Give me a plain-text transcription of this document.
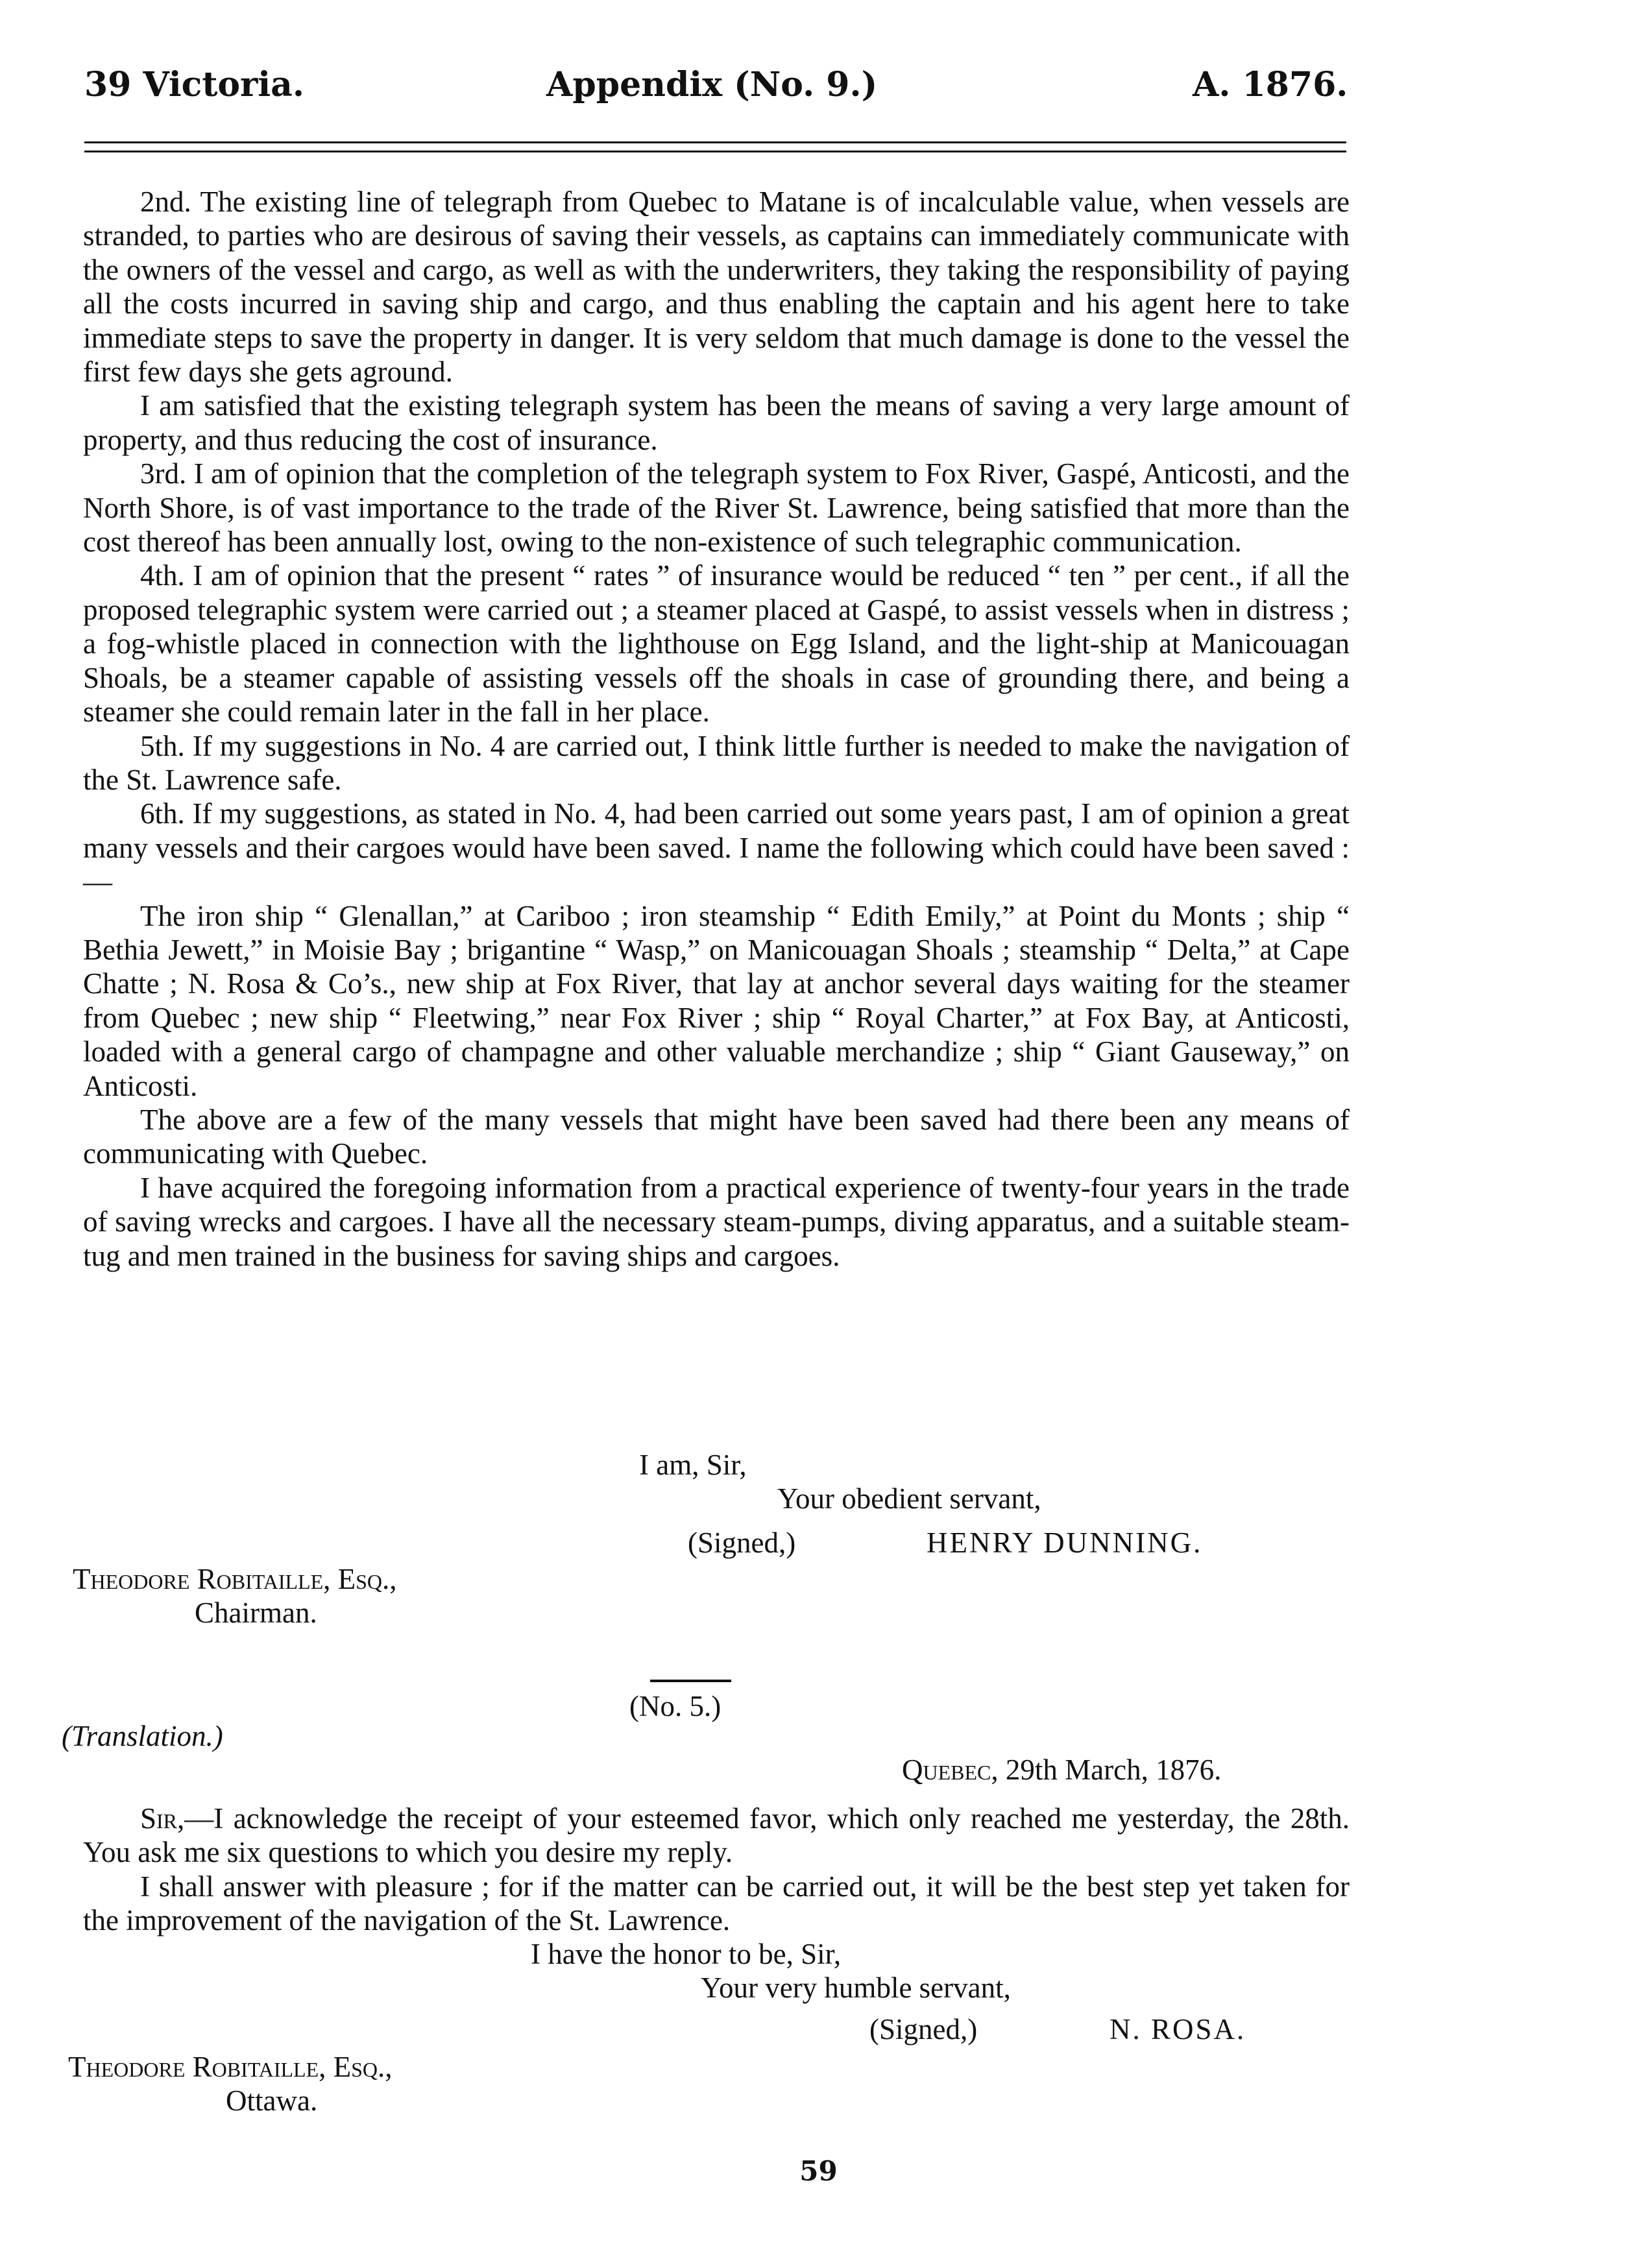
39 Victoria.	Appendix (No. 9.)	A. 1876.

2nd. The existing line of telegraph from Quebec to Matane is of incalculable value, when vessels are stranded, to parties who are desirous of saving their vessels, as captains can immediately communicate with the owners of the vessel and cargo, as well as with the underwriters, they taking the responsibility of paying all the costs incurred in saving ship and cargo, and thus enabling the captain and his agent here to take immediate steps to save the property in danger. It is very seldom that much damage is done to the vessel the first few days she gets aground.

I am satisfied that the existing telegraph system has been the means of saving a very large amount of property, and thus reducing the cost of insurance.

3rd. I am of opinion that the completion of the telegraph system to Fox River, Gaspé, Anticosti, and the North Shore, is of vast importance to the trade of the River St. Lawrence, being satisfied that more than the cost thereof has been annually lost, owing to the non-existence of such telegraphic communication.

4th. I am of opinion that the present “ rates ” of insurance would be reduced “ ten ” per cent., if all the proposed telegraphic system were carried out ; a steamer placed at Gaspé, to assist vessels when in distress ; a fog-whistle placed in connection with the lighthouse on Egg Island, and the light-ship at Manicouagan Shoals, be a steamer capable of assisting vessels off the shoals in case of grounding there, and being a steamer she could remain later in the fall in her place.

5th. If my suggestions in No. 4 are carried out, I think little further is needed to make the navigation of the St. Lawrence safe.

6th. If my suggestions, as stated in No. 4, had been carried out some years past, I am of opinion a great many vessels and their cargoes would have been saved. I name the following which could have been saved :—

The iron ship “ Glenallan,” at Cariboo ; iron steamship “ Edith Emily,” at Point du Monts ; ship “ Bethia Jewett,” in Moisie Bay ; brigantine “ Wasp,” on Manicouagan Shoals ; steamship “ Delta,” at Cape Chatte ; N. Rosa & Co’s., new ship at Fox River, that lay at anchor several days waiting for the steamer from Quebec ; new ship “ Fleetwing,” near Fox River ; ship “ Royal Charter,” at Fox Bay, at Anticosti, loaded with a general cargo of champagne and other valuable merchandize ; ship “ Giant Gauseway,” on Anticosti.

The above are a few of the many vessels that might have been saved had there been any means of communicating with Quebec.

I have acquired the foregoing information from a practical experience of twenty-four years in the trade of saving wrecks and cargoes. I have all the necessary steam-pumps, diving apparatus, and a suitable steam-tug and men trained in the business for saving ships and cargoes.

I am, Sir,
Your obedient servant,
(Signed,)	HENRY DUNNING.
Theodore Robitaille, Esq.,
Chairman.
(No. 5.)
(Translation.)
Quebec, 29th March, 1876.

Sir,—I acknowledge the receipt of your esteemed favor, which only reached me yesterday, the 28th. You ask me six questions to which you desire my reply.

I shall answer with pleasure ; for if the matter can be carried out, it will be the best step yet taken for the improvement of the navigation of the St. Lawrence.

I have the honor to be, Sir,
Your very humble servant,
(Signed,)	N. ROSA.
Theodore Robitaille, Esq.,
Ottawa.
59
